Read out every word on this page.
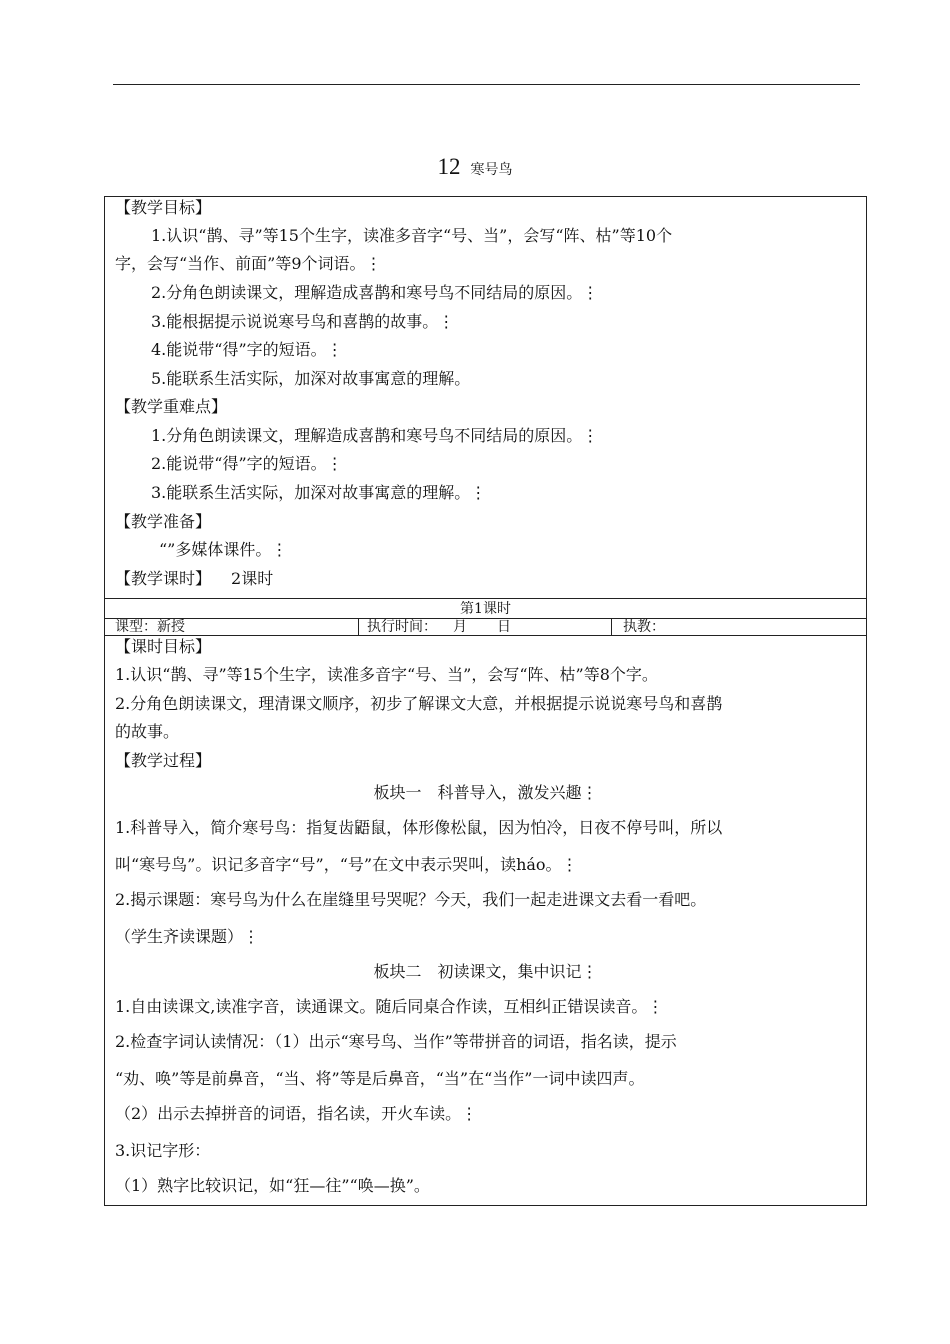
12 寒号鸟
【教学目标】
1.认识“鹊、寻”等15个生字，读准多音字“号、当”，会写“阵、枯”等10个
字，会写“当作、前面”等9个词语。⋮
2.分角色朗读课文，理解造成喜鹊和寒号鸟不同结局的原因。⋮
3.能根据提示说说寒号鸟和喜鹊的故事。⋮
4.能说带“得”字的短语。⋮
5.能联系生活实际，加深对故事寓意的理解。
【教学重难点】
1.分角色朗读课文，理解造成喜鹊和寒号鸟不同结局的原因。⋮
2.能说带“得”字的短语。⋮
3.能联系生活实际，加深对故事寓意的理解。⋮
【教学准备】
“”多媒体课件。⋮
【教学课时】 2课时
第1课时
课型：新授	执行时间： 月 日	执教：
【课时目标】
1.认识“鹊、寻”等15个生字，读准多音字“号、当”，会写“阵、枯”等8个字。
2.分角色朗读课文，理清课文顺序，初步了解课文大意，并根据提示说说寒号鸟和喜鹊
的故事。
【教学过程】
板块一　科普导入，激发兴趣⋮
1.科普导入，简介寒号鸟：指复齿鼯鼠，体形像松鼠，因为怕冷，日夜不停号叫，所以
叫“寒号鸟”。识记多音字“号”，“号”在文中表示哭叫，读háo。⋮
2.揭示课题：寒号鸟为什么在崖缝里号哭呢？今天，我们一起走进课文去看一看吧。
（学生齐读课题）⋮
板块二　初读课文，集中识记⋮
1.自由读课文,读准字音，读通课文。随后同桌合作读，互相纠正错误读音。⋮
2.检查字词认读情况：（1）出示“寒号鸟、当作”等带拼音的词语，指名读，提示
“劝、唤”等是前鼻音，“当、将”等是后鼻音，“当”在“当作”一词中读四声。
（2）出示去掉拼音的词语，指名读，开火车读。⋮
3.识记字形：
（1）熟字比较识记，如“狂—往”“唤—换”。
